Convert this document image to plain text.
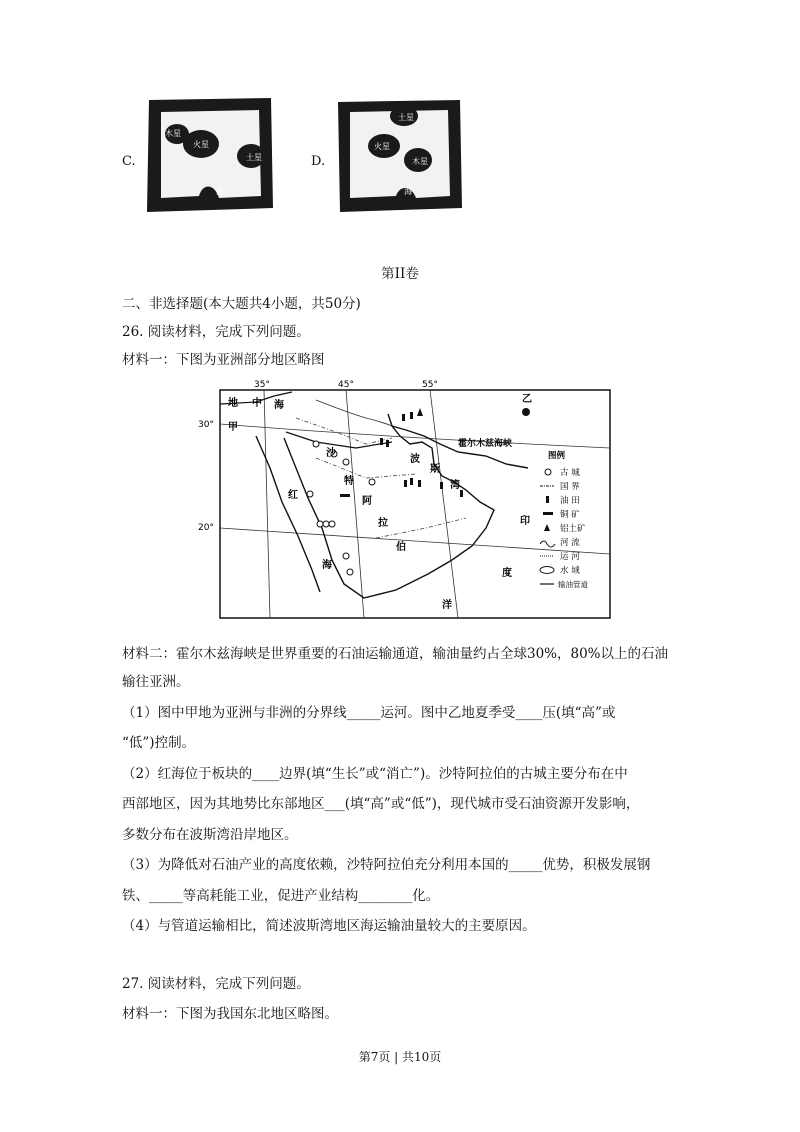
C.
木星
火星
土星
海
D.
土星
火星
木星
海
第II卷
二、非选择题(本大题共4小题，共50分)
26. 阅读材料，完成下列问题。
材料一：下图为亚洲部分地区略图
35°	45°	55°
30°
20°
地 中 海
甲
乙
霍尔木兹海峡
沙
特
阿
拉
伯
红
海
波
斯
湾
印
度
洋
图例
古 城
国 界
油 田
铜 矿
铝土矿
河 流
运 河
水 域
输油管道
材料二：霍尔木兹海峡是世界重要的石油运输通道，输油量约占全球30%，80%以上的石油
输往亚洲。
（1）图中甲地为亚洲与非洲的分界线_____运河。图中乙地夏季受____压(填“高”或
“低”)控制。
（2）红海位于板块的____边界(填“生长”或“消亡”)。沙特阿拉伯的古城主要分布在中
西部地区，因为其地势比东部地区___(填“高”或“低”)，现代城市受石油资源开发影响，
多数分布在波斯湾沿岸地区。
（3）为降低对石油产业的高度依赖，沙特阿拉伯充分利用本国的_____优势，积极发展钢
铁、_____等高耗能工业，促进产业结构________化。
（4）与管道运输相比，简述波斯湾地区海运输油量较大的主要原因。
27. 阅读材料，完成下列问题。
材料一：下图为我国东北地区略图。
第7页 | 共10页
